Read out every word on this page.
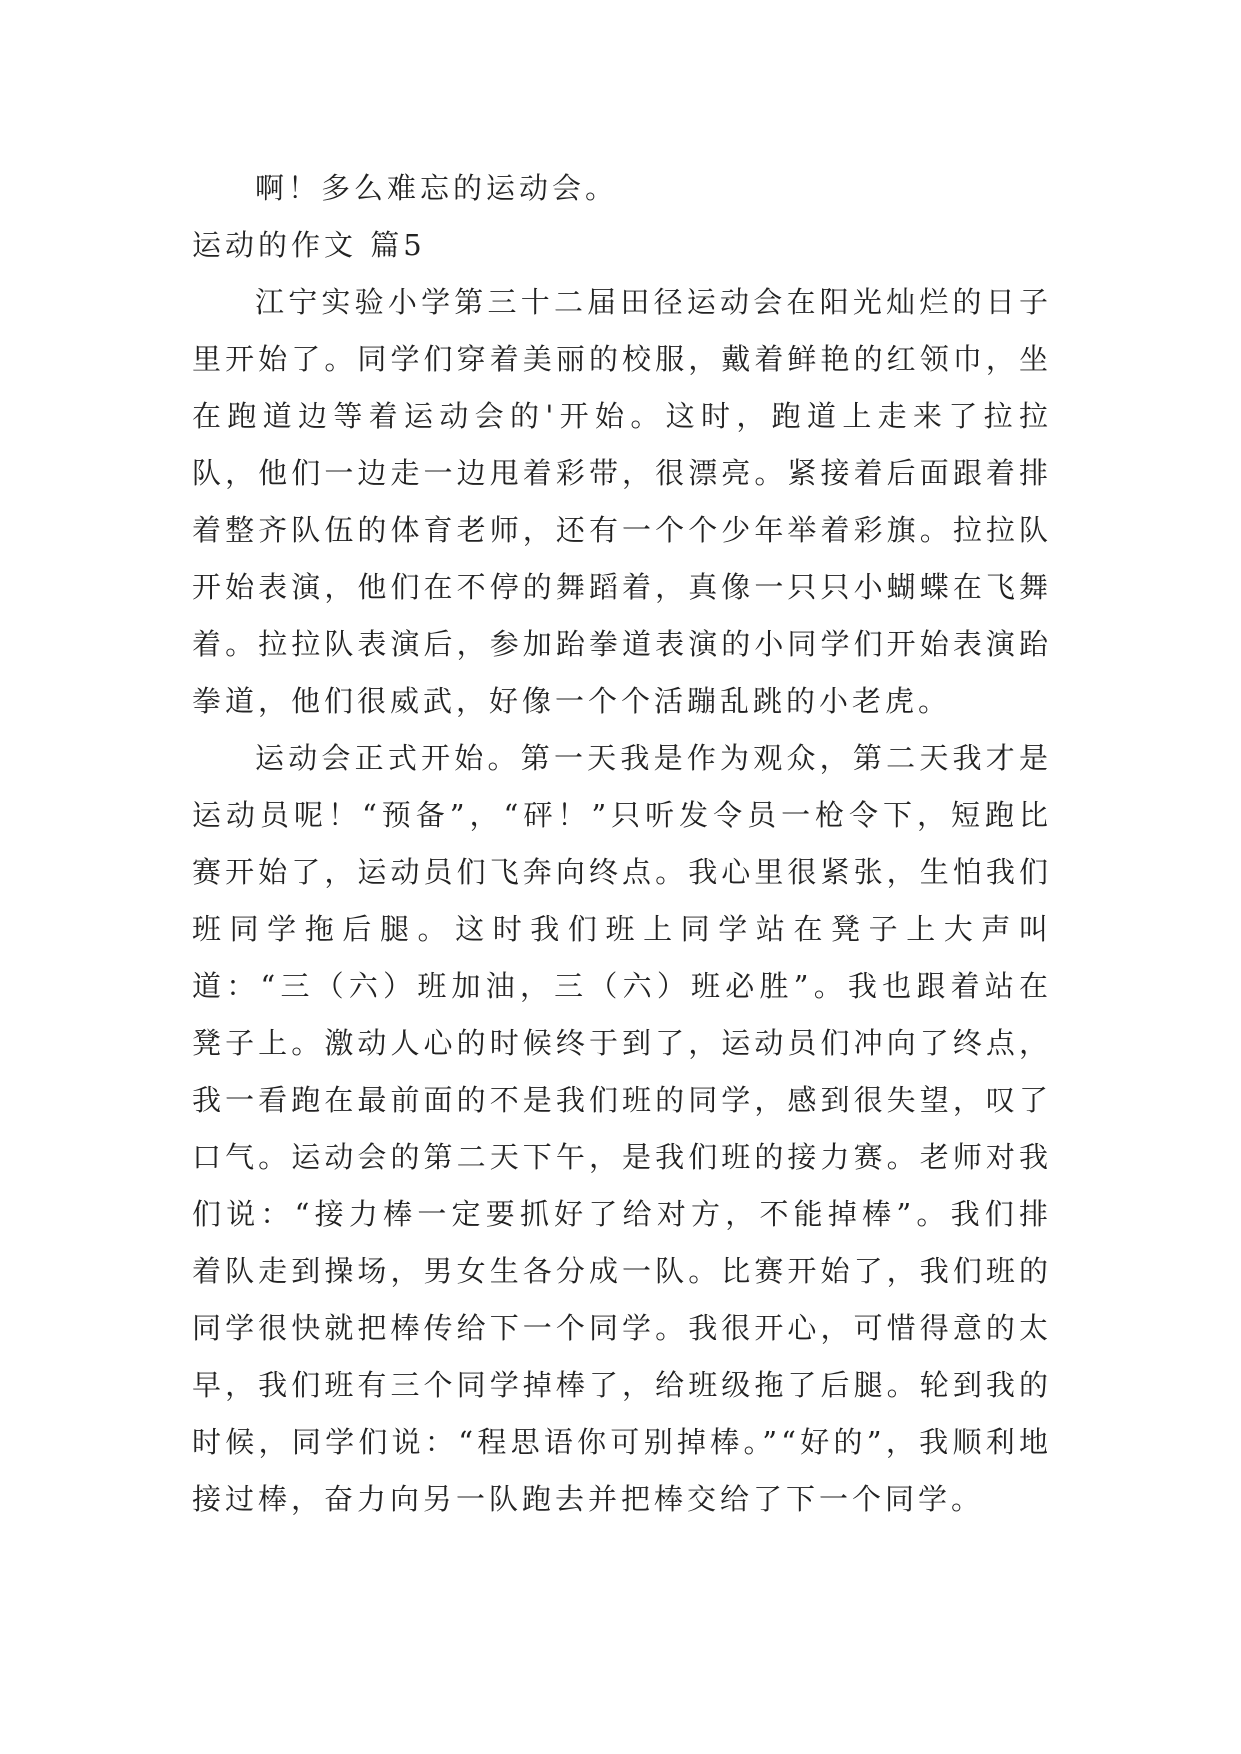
啊！多么难忘的运动会。

运动的作文 篇5

江宁实验小学第三十二届田径运动会在阳光灿烂的日子里开始了。同学们穿着美丽的校服，戴着鲜艳的红领巾，坐在跑道边等着运动会的'开始。这时，跑道上走来了拉拉队，他们一边走一边甩着彩带，很漂亮。紧接着后面跟着排着整齐队伍的体育老师，还有一个个少年举着彩旗。拉拉队开始表演，他们在不停的舞蹈着，真像一只只小蝴蝶在飞舞着。拉拉队表演后，参加跆拳道表演的小同学们开始表演跆拳道，他们很威武，好像一个个活蹦乱跳的小老虎。

运动会正式开始。第一天我是作为观众，第二天我才是运动员呢！“预备”，“砰！”只听发令员一枪令下，短跑比赛开始了，运动员们飞奔向终点。我心里很紧张，生怕我们班同学拖后腿。这时我们班上同学站在凳子上大声叫道：“三（六）班加油，三（六）班必胜”。我也跟着站在凳子上。激动人心的时候终于到了，运动员们冲向了终点，我一看跑在最前面的不是我们班的同学，感到很失望，叹了口气。运动会的第二天下午，是我们班的接力赛。老师对我们说：“接力棒一定要抓好了给对方，不能掉棒”。我们排着队走到操场，男女生各分成一队。比赛开始了，我们班的同学很快就把棒传给下一个同学。我很开心，可惜得意的太早，我们班有三个同学掉棒了，给班级拖了后腿。轮到我的时候，同学们说：“程思语你可别掉棒。”“好的”，我顺利地接过棒，奋力向另一队跑去并把棒交给了下一个同学。
